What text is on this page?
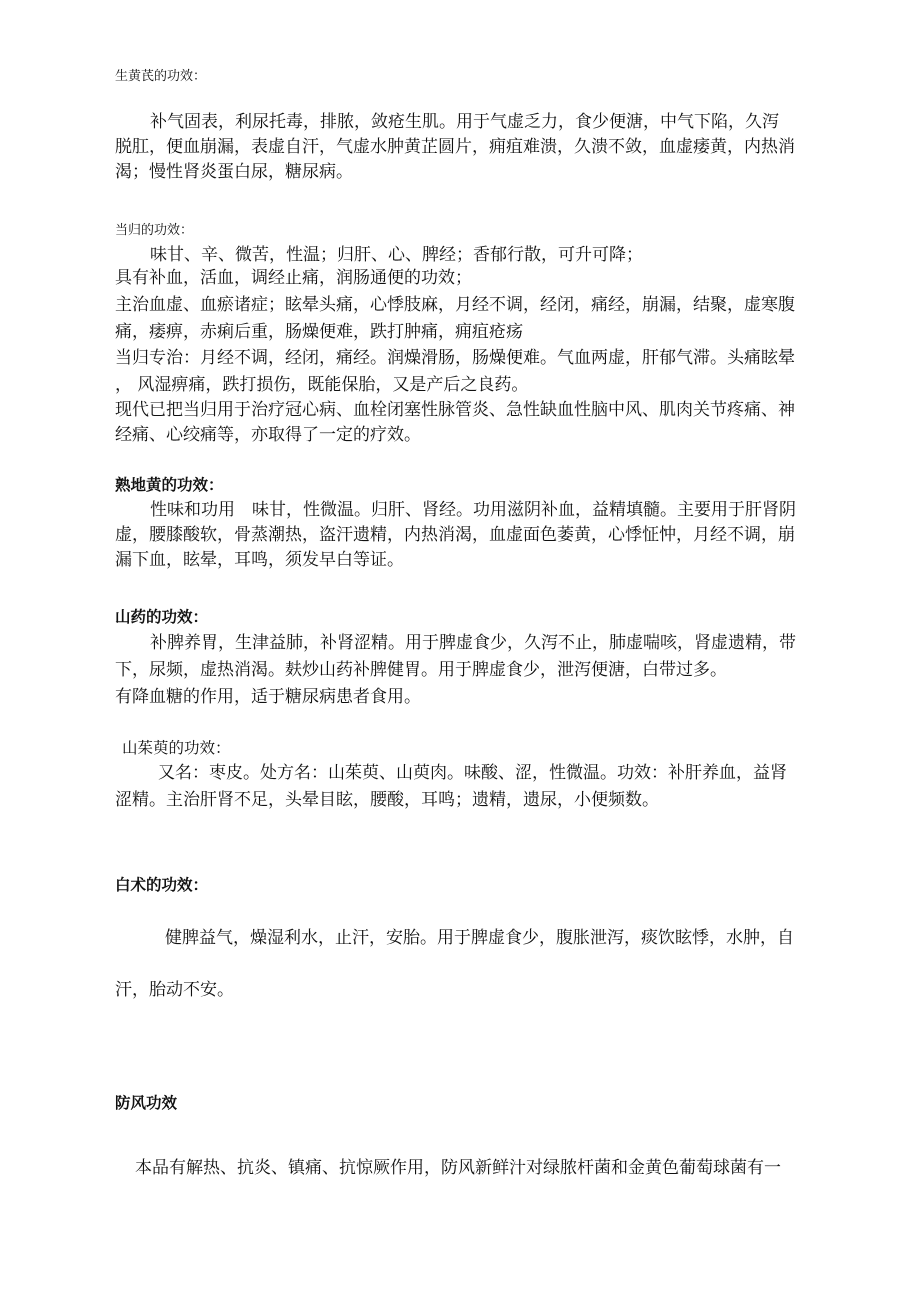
生黄芪的功效：
补气固表，利尿托毒，排脓，敛疮生肌。用于气虚乏力，食少便溏，中气下陷，久泻
脱肛，便血崩漏，表虚自汗，气虚水肿黄芷圆片，痈疽难溃，久溃不敛，血虚痿黄，内热消
渴；慢性肾炎蛋白尿，糖尿病。
当归的功效：
味甘、辛、微苦，性温；归肝、心、脾经；香郁行散，可升可降；
具有补血，活血，调经止痛，润肠通便的功效；
主治血虚、血瘀诸症；眩晕头痛，心悸肢麻，月经不调，经闭，痛经，崩漏，结聚，虚寒腹
痛，痿痹，赤痢后重，肠燥便难，跌打肿痛，痈疽疮疡
当归专治：月经不调，经闭，痛经。润燥滑肠，肠燥便难。气血两虚，肝郁气滞。头痛眩晕
， 风湿痹痛，跌打损伤，既能保胎，又是产后之良药。
现代已把当归用于治疗冠心病、血栓闭塞性脉管炎、急性缺血性脑中风、肌肉关节疼痛、神
经痛、心绞痛等，亦取得了一定的疗效。
熟地黄的功效：
性味和功用　味甘，性微温。归肝、肾经。功用滋阴补血，益精填髓。主要用于肝肾阴
虚，腰膝酸软，骨蒸潮热，盗汗遗精，内热消渴，血虚面色萎黄，心悸怔忡，月经不调，崩
漏下血，眩晕，耳鸣，须发早白等证。
山药的功效：
补脾养胃，生津益肺，补肾涩精。用于脾虚食少，久泻不止，肺虚喘咳，肾虚遗精，带
下，尿频，虚热消渴。麸炒山药补脾健胃。用于脾虚食少，泄泻便溏，白带过多。
有降血糖的作用，适于糖尿病患者食用。
山茱萸的功效：
又名：枣皮。处方名：山茱萸、山萸肉。味酸、涩，性微温。功效：补肝养血，益肾
涩精。主治肝肾不足，头晕目眩，腰酸，耳鸣；遗精，遗尿，小便频数。
白术的功效：
健脾益气，燥湿利水，止汗，安胎。用于脾虚食少，腹胀泄泻，痰饮眩悸，水肿，自
汗，胎动不安。
防风功效
本品有解热、抗炎、镇痛、抗惊厥作用，防风新鲜汁对绿脓杆菌和金黄色葡萄球菌有一
